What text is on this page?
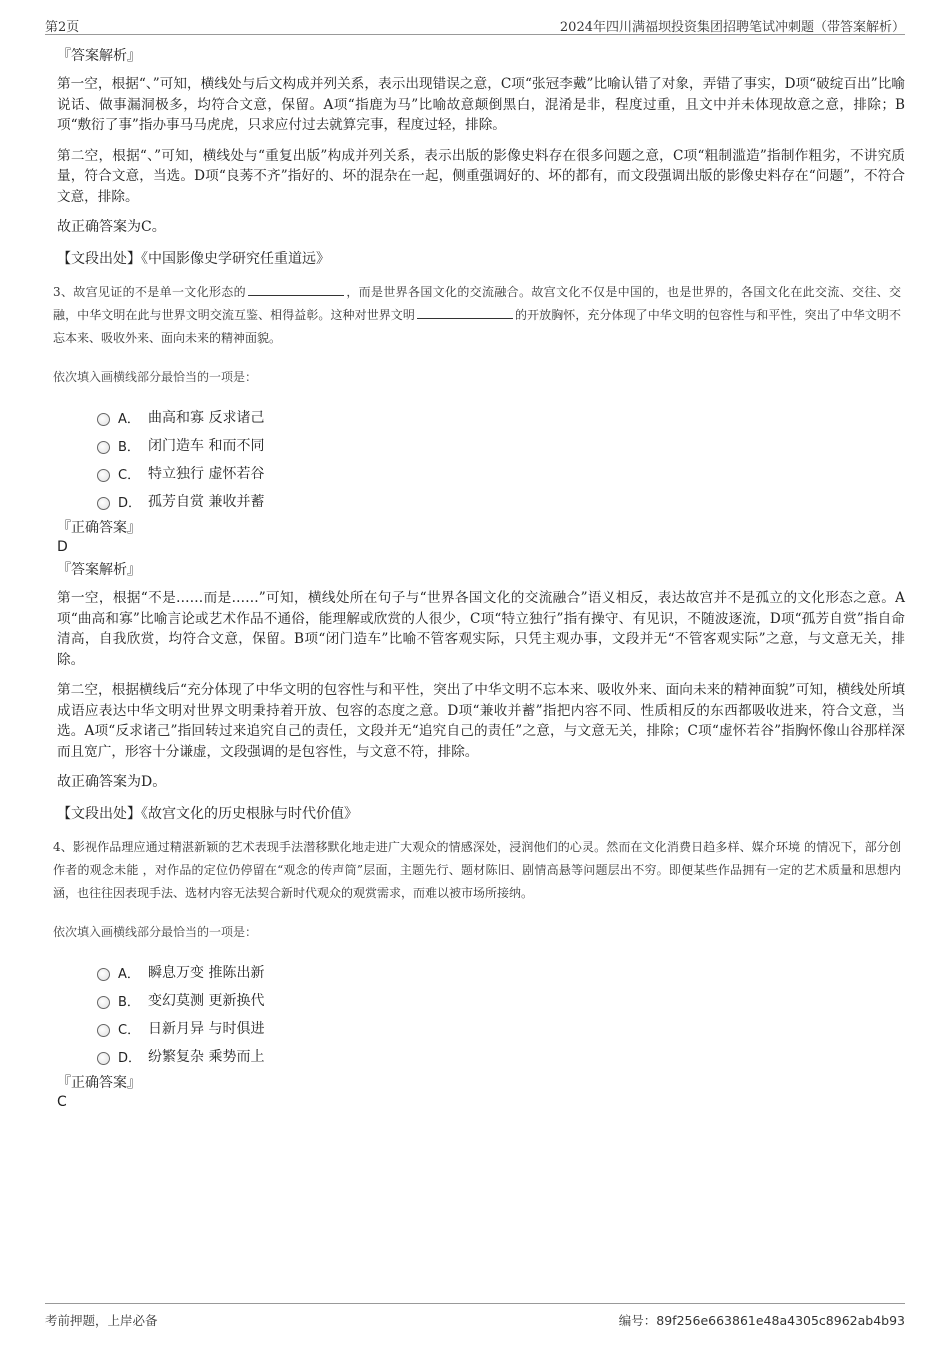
第2页	2024年四川满福坝投资集团招聘笔试冲刺题（带答案解析）
『答案解析』

第一空，根据“、”可知，横线处与后文构成并列关系，表示出现错误之意，C项“张冠李戴”比喻认错了对象，弄错了事实，D项“破绽百出”比喻说话、做事漏洞极多，均符合文意，保留。A项“指鹿为马”比喻故意颠倒黑白，混淆是非，程度过重，且文中并未体现故意之意，排除；B项“敷衍了事”指办事马马虎虎，只求应付过去就算完事，程度过轻，排除。

第二空，根据“、”可知，横线处与“重复出版”构成并列关系，表示出版的影像史料存在很多问题之意，C项“粗制滥造”指制作粗劣，不讲究质量，符合文意，当选。D项“良莠不齐”指好的、坏的混杂在一起，侧重强调好的、坏的都有，而文段强调出版的影像史料存在“问题”，不符合文意，排除。

故正确答案为C。
【文段出处】《中国影像史学研究任重道远》

3、故宫见证的不是单一文化形态的	，而是世界各国文化的交流融合。故宫文化不仅是中国的，也是世界的，各国文化在此交流、交往、交融，中华文明在此与世界文明交流互鉴、相得益彰。这种对世界文明	的开放胸怀，充分体现了中华文明的包容性与和平性，突出了中华文明不忘本来、吸收外来、面向未来的精神面貌。

依次填入画横线部分最恰当的一项是：
A． 曲高和寡 反求诸己
B． 闭门造车 和而不同
C． 特立独行 虚怀若谷
D． 孤芳自赏 兼收并蓄
『正确答案』
D
『答案解析』

第一空，根据“不是……而是……”可知，横线处所在句子与“世界各国文化的交流融合”语义相反，表达故宫并不是孤立的文化形态之意。A项“曲高和寡”比喻言论或艺术作品不通俗，能理解或欣赏的人很少，C项“特立独行”指有操守、有见识，不随波逐流，D项“孤芳自赏”指自命清高，自我欣赏，均符合文意，保留。B项“闭门造车”比喻不管客观实际，只凭主观办事，文段并无“不管客观实际”之意，与文意无关，排除。

第二空，根据横线后“充分体现了中华文明的包容性与和平性，突出了中华文明不忘本来、吸收外来、面向未来的精神面貌”可知，横线处所填成语应表达中华文明对世界文明秉持着开放、包容的态度之意。D项“兼收并蓄”指把内容不同、性质相反的东西都吸收进来，符合文意，当选。A项“反求诸己”指回转过来追究自己的责任，文段并无“追究自己的责任”之意，与文意无关，排除；C项“虚怀若谷”指胸怀像山谷那样深而且宽广，形容十分谦虚，文段强调的是包容性，与文意不符，排除。

故正确答案为D。
【文段出处】《故宫文化的历史根脉与时代价值》

4、影视作品理应通过精湛新颖的艺术表现手法潜移默化地走进广大观众的情感深处，浸润他们的心灵。然而在文化消费日趋多样、媒介环境 的情况下，部分创作者的观念未能 ，对作品的定位仍停留在“观念的传声筒”层面，主题先行、题材陈旧、剧情高悬等问题层出不穷。即便某些作品拥有一定的艺术质量和思想内涵，也往往因表现手法、选材内容无法契合新时代观众的观赏需求，而难以被市场所接纳。

依次填入画横线部分最恰当的一项是：
A． 瞬息万变 推陈出新
B． 变幻莫测 更新换代
C． 日新月异 与时俱进
D． 纷繁复杂 乘势而上
『正确答案』
C
考前押题，上岸必备	编号：89f256e663861e48a4305c8962ab4b93
